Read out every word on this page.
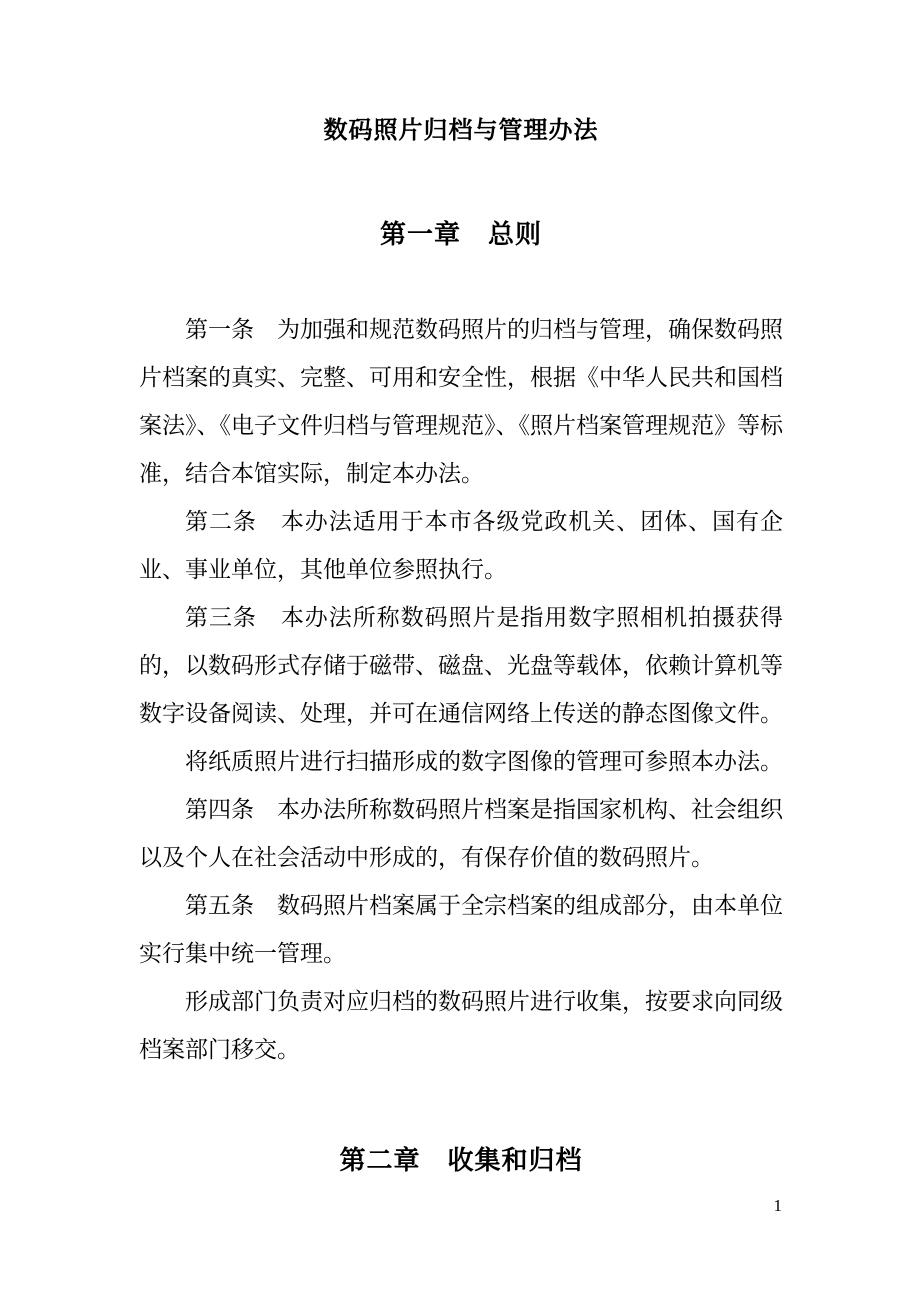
数码照片归档与管理办法
第一章　总则

第一条　为加强和规范数码照片的归档与管理，确保数码照片档案的真实、完整、可用和安全性，根据《中华人民共和国档案法》、《电子文件归档与管理规范》、《照片档案管理规范》等标准，结合本馆实际，制定本办法。

第二条　本办法适用于本市各级党政机关、团体、国有企业、事业单位，其他单位参照执行。

第三条　本办法所称数码照片是指用数字照相机拍摄获得的，以数码形式存储于磁带、磁盘、光盘等载体，依赖计算机等数字设备阅读、处理，并可在通信网络上传送的静态图像文件。

将纸质照片进行扫描形成的数字图像的管理可参照本办法。

第四条　本办法所称数码照片档案是指国家机构、社会组织以及个人在社会活动中形成的，有保存价值的数码照片。

第五条　数码照片档案属于全宗档案的组成部分，由本单位实行集中统一管理。

形成部门负责对应归档的数码照片进行收集，按要求向同级档案部门移交。

第二章　收集和归档
1
